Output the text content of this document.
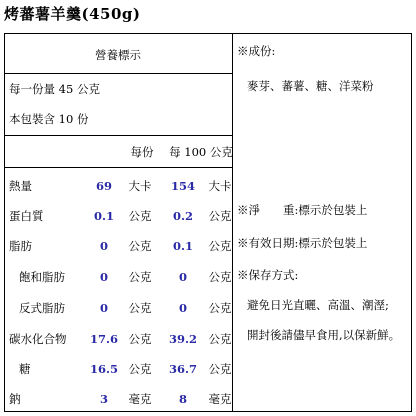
烤蕃薯羊羹(450g)
營養標示
每一份量 45 公克
本包裝含 10 份
每份 每 100 公克
熱量	69 大卡 154 大卡
蛋白質	0.1 公克 0.2 公克
脂肪	0 公克 0.1 公克
飽和脂肪	0 公克 0 公克
反式脂肪	0 公克 0 公克
碳水化合物 17.6 公克 39.2 公克
糖	16.5 公克 36.7 公克
鈉	3 毫克 8 毫克
※成份:
麥芽、蕃薯、糖、洋菜粉
※淨　　重:標示於包裝上
※有效日期:標示於包裝上
※保存方式:
避免日光直曬、高溫、潮溼;
開封後請儘早食用,以保新鮮。
